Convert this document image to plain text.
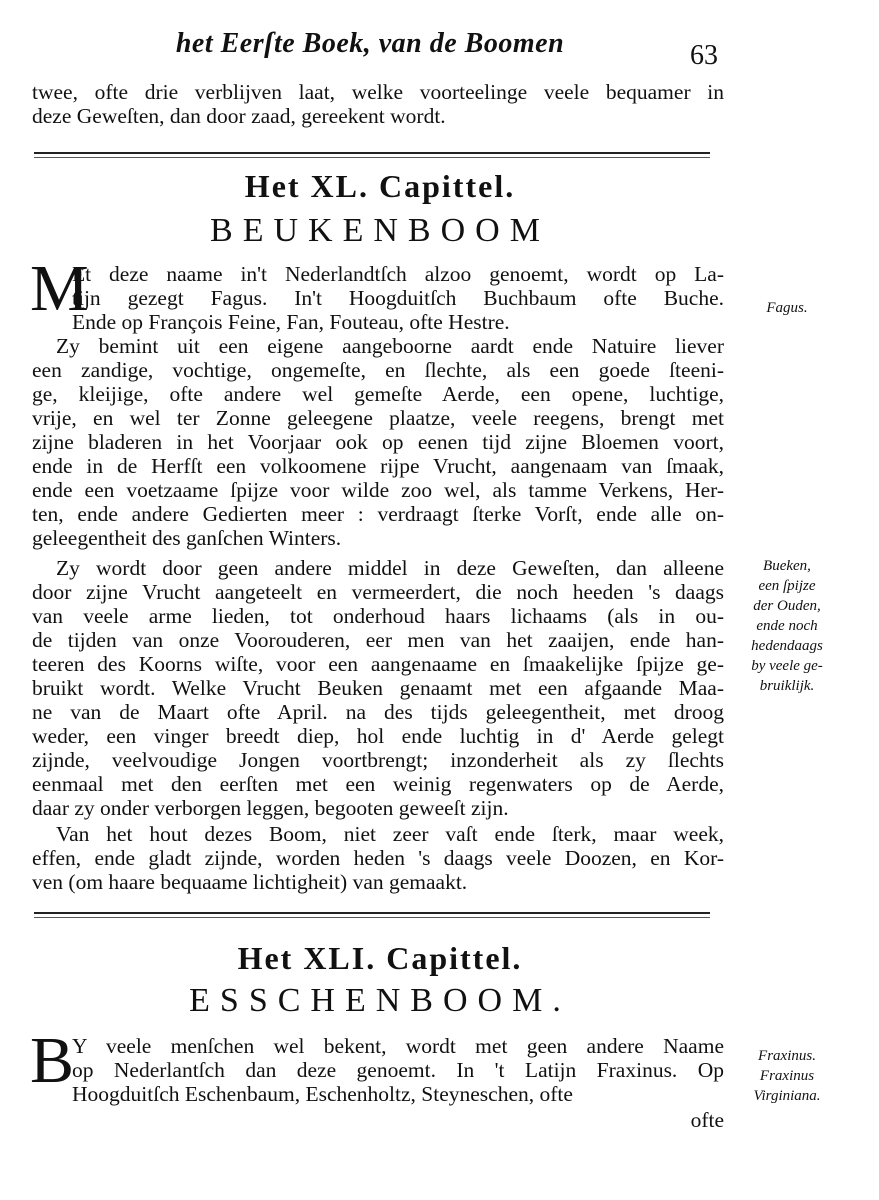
het Eerſte Boek, van de Boomen	63
twee, ofte drie verblijven laat, welke voorteelinge veele bequamer in
deze Geweſten, dan door zaad, gereekent wordt.
Het XL. Capittel.
BEUKENBOOM
M
Et deze naame in't Nederlandtſch alzoo genoemt, wordt op La-
tijn gezegt Fagus. In't Hoogduitſch Buchbaum ofte Buche.
Ende op François Feine, Fan, Fouteau, ofte Hestre.
Zy bemint uit een eigene aangeboorne aardt ende Natuire liever
een zandige, vochtige, ongemeſte, en ſlechte, als een goede ſteeni-
ge, kleijige, ofte andere wel gemeſte Aerde, een opene, luchtige,
vrije, en wel ter Zonne geleegene plaatze, veele reegens, brengt met
zijne bladeren in het Voorjaar ook op eenen tijd zijne Bloemen voort,
ende in de Herfſt een volkoomene rijpe Vrucht, aangenaam van ſmaak,
ende een voetzaame ſpijze voor wilde zoo wel, als tamme Verkens, Her-
ten, ende andere Gedierten meer : verdraagt ſterke Vorſt, ende alle on-
geleegentheit des ganſchen Winters.
Zy wordt door geen andere middel in deze Geweſten, dan alleene
door zijne Vrucht aangeteelt en vermeerdert, die noch heeden 's daags
van veele arme lieden, tot onderhoud haars lichaams (als in ou-
de tijden van onze Voorouderen, eer men van het zaaijen, ende han-
teeren des Koorns wiſte, voor een aangenaame en ſmaakelijke ſpijze ge-
bruikt wordt. Welke Vrucht Beuken genaamt met een afgaande Maa-
ne van de Maart ofte April. na des tijds geleegentheit, met droog
weder, een vinger breedt diep, hol ende luchtig in d' Aerde gelegt
zijnde, veelvoudige Jongen voortbrengt; inzonderheit als zy ſlechts
eenmaal met den eerſten met een weinig regenwaters op de Aerde,
daar zy onder verborgen leggen, begooten geweeſt zijn.
Van het hout dezes Boom, niet zeer vaſt ende ſterk, maar week,
effen, ende gladt zijnde, worden heden 's daags veele Doozen, en Kor-
ven (om haare bequaame lichtigheit) van gemaakt.
Het XLI. Capittel.
ESSCHENBOOM.
B
Y veele menſchen wel bekent, wordt met geen andere Naame
op Nederlantſch dan deze genoemt. In 't Latijn Fraxinus. Op
Hoogduitſch Eschenbaum, Eschenholtz, Steyneschen, ofte
Fagus.
Bueken,
een ſpijze
der Ouden,
ende noch
hedendaags
by veele ge-
bruiklijk.
Fraxinus.
Fraxinus
Virginiana.
ofte
